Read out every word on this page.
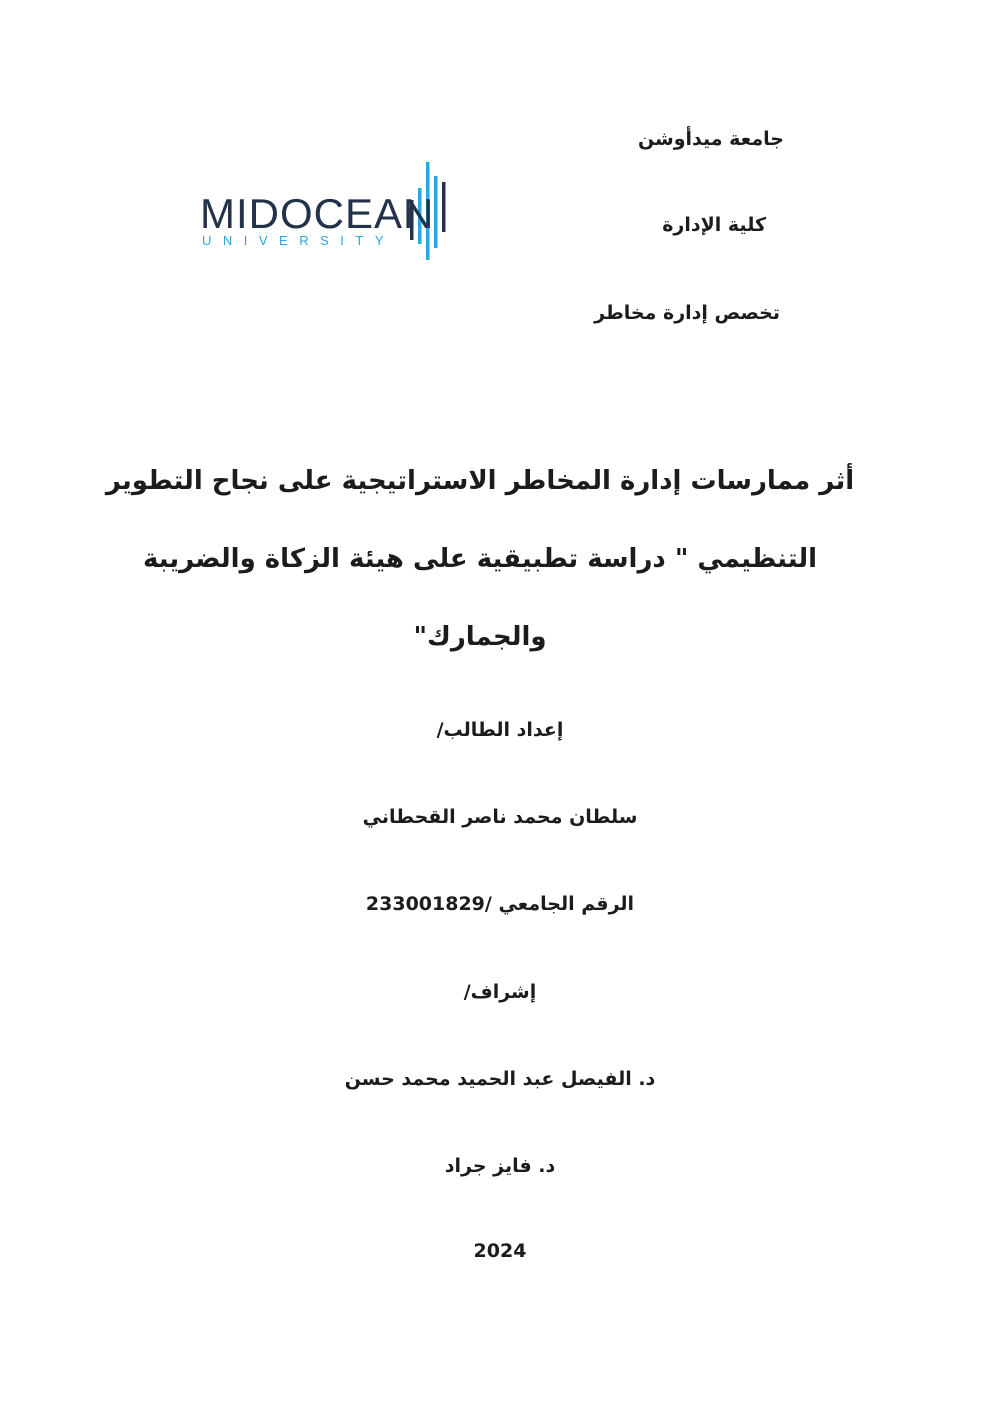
جامعة ميدأوشن
كلية الإدارة
تخصص إدارة مخاطر
MIDOCEAN
UNIVERSITY
أثر ممارسات إدارة المخاطر الاستراتيجية على نجاح التطوير
التنظيمي " دراسة تطبيقية على هيئة الزكاة والضريبة
والجمارك"
إعداد الطالب/
سلطان محمد ناصر القحطاني
الرقم الجامعي /233001829
إشراف/
د. الفيصل عبد الحميد محمد حسن
د. فايز جراد
2024
